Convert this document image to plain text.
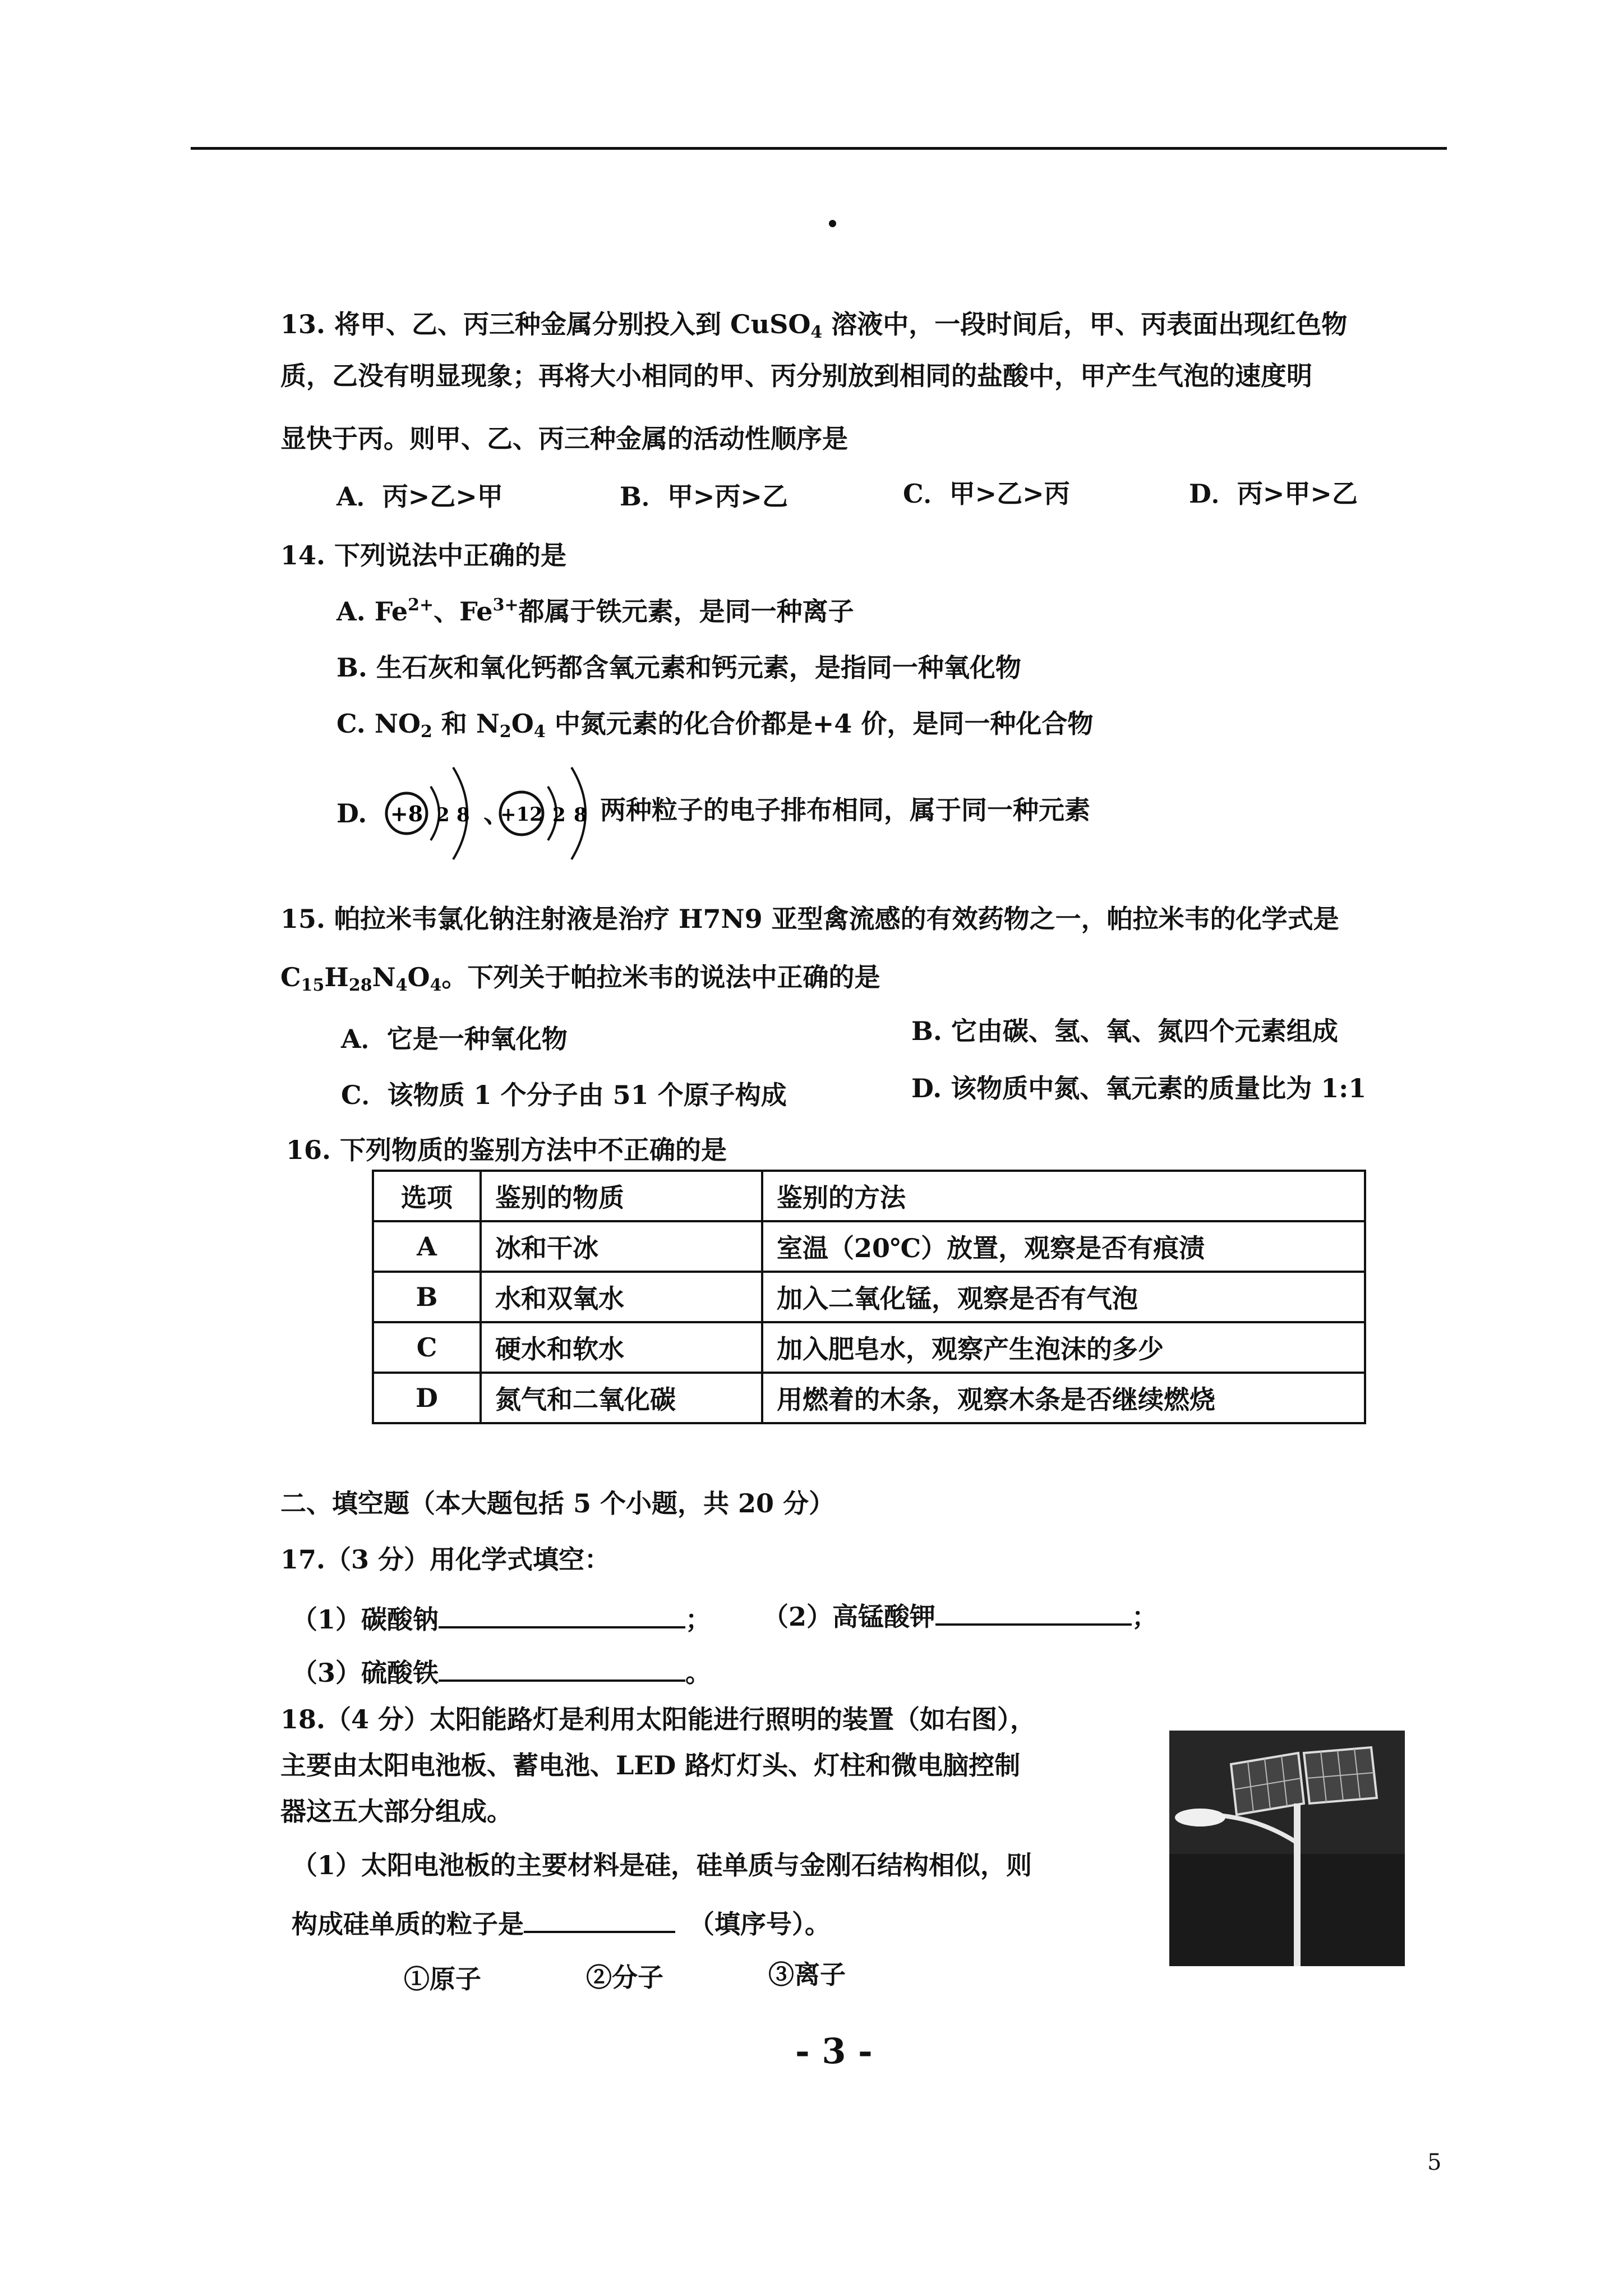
13. 将甲、乙、丙三种金属分别投入到 CuSO$_4$ 溶液中，一段时间后，甲、丙表面出现红色物
质，乙没有明显现象；再将大小相同的甲、丙分别放到相同的盐酸中，甲产生气泡的速度明
显快于丙。则甲、乙、丙三种金属的活动性顺序是
A．丙>乙>甲	B．甲>丙>乙	C．甲>乙>丙	D．丙>甲>乙
14. 下列说法中正确的是
A. $Fe^{2+}$、$Fe^{3+}$都属于铁元素，是同一种离子
B. 生石灰和氧化钙都含氧元素和钙元素，是指同一种氧化物
C. $NO_2$ 和 $N_2O_4$ 中氮元素的化合价都是+4 价，是同一种化合物
D. +8 2 8 、
+12 2 8 两种粒子的电子排布相同，属于同一种元素
15. 帕拉米韦氯化钠注射液是治疗 H7N9 亚型禽流感的有效药物之一，帕拉米韦的化学式是
$C_{15}H_{28}N_4O_4$。下列关于帕拉米韦的说法中正确的是
A．它是一种氧化物	B. 它由碳、氢、氧、氮四个元素组成
C．该物质 1 个分子由 51 个原子构成	D. 该物质中氮、氧元素的质量比为 1:1
16. 下列物质的鉴别方法中不正确的是
选项	鉴别的物质	鉴别的方法
A	冰和干冰	室温（20℃）放置，观察是否有痕渍
B	水和双氧水	加入二氧化锰，观察是否有气泡
C	硬水和软水	加入肥皂水，观察产生泡沫的多少
D	氮气和二氧化碳	用燃着的木条，观察木条是否继续燃烧
二、填空题（本大题包括 5 个小题，共 20 分）
17.（3 分）用化学式填空：
（1）碳酸钠	； （2）高锰酸钾	；
（3）硫酸铁	。
18.（4 分）太阳能路灯是利用太阳能进行照明的装置（如右图），
主要由太阳电池板、蓄电池、LED 路灯灯头、灯柱和微电脑控制
器这五大部分组成。
（1）太阳电池板的主要材料是硅，硅单质与金刚石结构相似，则
构成硅单质的粒子是	（填序号）。
①原子	②分子	③离子
- 3 -
5
